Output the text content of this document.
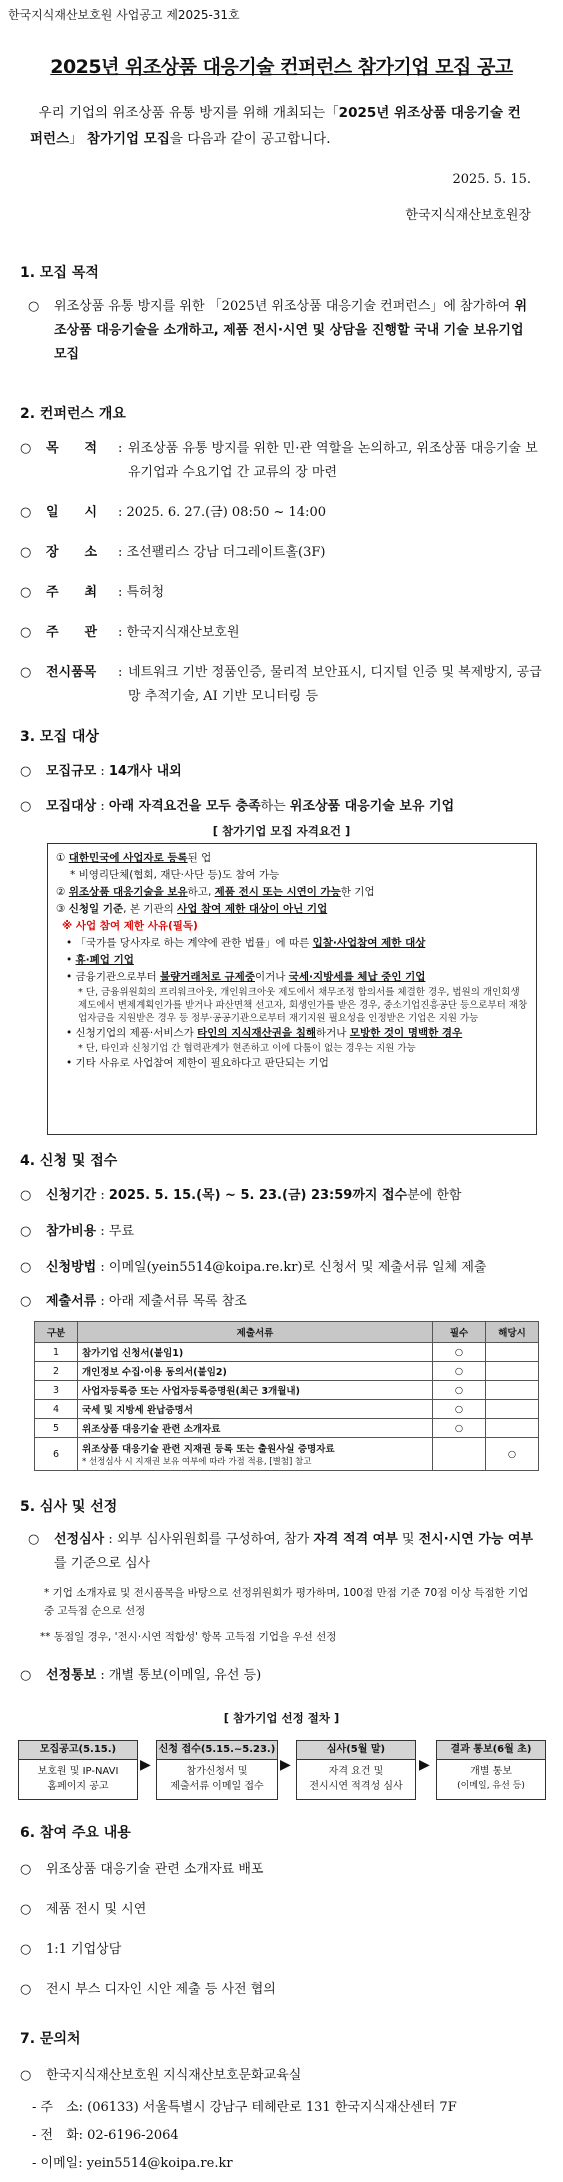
한국지식재산보호원 사업공고 제2025-31호
2025년 위조상품 대응기술 컨퍼런스 참가기업 모집 공고
우리 기업의 위조상품 유통 방지를 위해 개최되는「2025년 위조상품 대응기술 컨퍼런스」 참가기업 모집을 다음과 같이 공고합니다.
2025. 5. 15.
한국지식재산보호원장
1. 모집 목적
○ 위조상품 유통 방지를 위한 「2025년 위조상품 대응기술 컨퍼런스」에 참가하여 위조상품 대응기술을 소개하고, 제품 전시·시연 및 상담을 진행할 국내 기술 보유기업 모집
2. 컨퍼런스 개요
○ 목　　적 : 위조상품 유통 방지를 위한 민·관 역할을 논의하고, 위조상품 대응기술 보유기업과 수요기업 간 교류의 장 마련
○ 일　　시 : 2025. 6. 27.(금) 08:50 ~ 14:00
○ 장　　소 : 조선팰리스 강남 더그레이트홀(3F)
○ 주　　최 : 특허청
○ 주　　관 : 한국지식재산보호원
○ 전시품목 : 네트워크 기반 정품인증, 물리적 보안표시, 디지털 인증 및 복제방지, 공급망 추적기술, AI 기반 모니터링 등
3. 모집 대상
○ 모집규모 : 14개사 내외
○ 모집대상 : 아래 자격요건을 모두 충족하는 위조상품 대응기술 보유 기업
[ 참가기업 모집 자격요건 ]
① 대한민국에 사업자로 등록된 업
* 비영리단체(협회, 재단·사단 등)도 참여 가능
② 위조상품 대응기술을 보유하고, 제품 전시 또는 시연이 가능한 기업
③ 신청일 기준, 본 기관의 사업 참여 제한 대상이 아닌 기업
※ 사업 참여 제한 사유(필독)
• 「국가를 당사자로 하는 계약에 관한 법률」에 따른 입찰·사업참여 제한 대상
• 휴·폐업 기업
• 금융기관으로부터 불량거래처로 규제중이거나 국세·지방세를 체납 중인 기업
* 단, 금융위원회의 프리워크아웃, 개인워크아웃 제도에서 채무조정 합의서를 체결한 경우, 법원의 개인회생제도에서 변제계획인가를 받거나 파산면책 선고자, 회생인가를 받은 경우, 중소기업진흥공단 등으로부터 재창업자금을 지원받은 경우 등 정부·공공기관으로부터 재기지원 필요성을 인정받은 기업은 지원 가능
• 신청기업의 제품·서비스가 타인의 지식재산권을 침해하거나 모방한 것이 명백한 경우
* 단, 타인과 신청기업 간 협력관계가 현존하고 이에 다툼이 없는 경우는 지원 가능
• 기타 사유로 사업참여 제한이 필요하다고 판단되는 기업
4. 신청 및 접수
○ 신청기간 : 2025. 5. 15.(목) ~ 5. 23.(금) 23:59까지 접수분에 한함
○ 참가비용 : 무료
○ 신청방법 : 이메일(yein5514@koipa.re.kr)로 신청서 및 제출서류 일체 제출
○ 제출서류 : 아래 제출서류 목록 참조
구분	제출서류	필수	해당시
1	참가기업 신청서(붙임1)	○	
2	개인정보 수집·이용 동의서(붙임2)	○	
3	사업자등록증 또는 사업자등록증명원(최근 3개월내)	○	
4	국세 및 지방세 완납증명서	○	
5	위조상품 대응기술 관련 소개자료	○	
6	위조상품 대응기술 관련 지재권 등록 또는 출원사실 증명자료
* 선정심사 시 지재권 보유 여부에 따라 가점 적용, [별첨] 참고		○
5. 심사 및 선정
○ 선정심사 : 외부 심사위원회를 구성하여, 참가 자격 적격 여부 및 전시·시연 가능 여부를 기준으로 심사
* 기업 소개자료 및 전시품목을 바탕으로 선정위원회가 평가하며, 100점 만점 기준 70점 이상 득점한 기업 중 고득점 순으로 선정
** 동점일 경우, '전시·시연 적합성' 항목 고득점 기업을 우선 선정
○ 선정통보 : 개별 통보(이메일, 유선 등)
[ 참가기업 선정 절차 ]
모집공고(5.15.)
보호원 및 IP-NAVI
홈페이지 공고
▶
신청 접수(5.15.~5.23.)
참가신청서 및
제출서류 이메일 접수
▶
심사(5월 말)
자격 요건 및
전시시연 적격성 심사
▶
결과 통보(6월 초)
개별 통보
(이메일, 유선 등)
6. 참여 주요 내용
○ 위조상품 대응기술 관련 소개자료 배포
○ 제품 전시 및 시연
○ 1:1 기업상담
○ 전시 부스 디자인 시안 제출 등 사전 협의
7. 문의처
○ 한국지식재산보호원 지식재산보호문화교육실
- 주　소: (06133) 서울특별시 강남구 테헤란로 131 한국지식재산센터 7F
- 전　화: 02-6196-2064
- 이메일: yein5514@koipa.re.kr
